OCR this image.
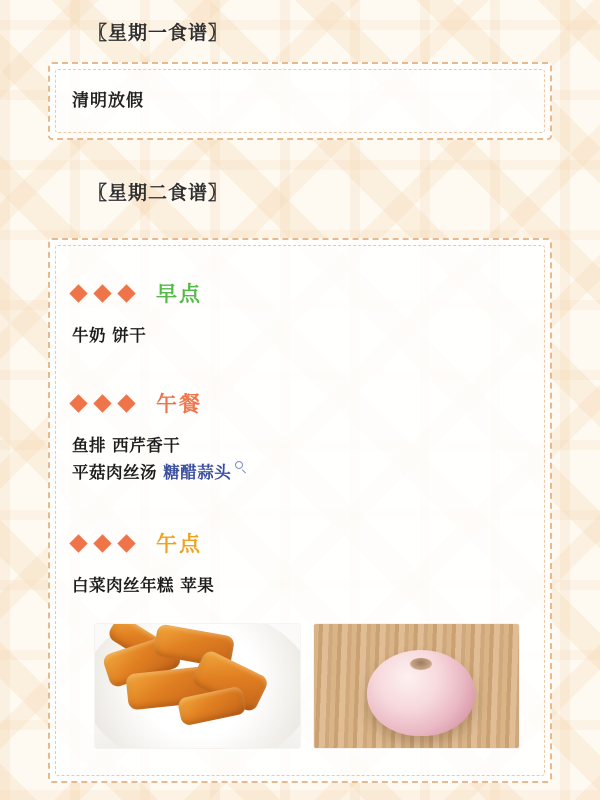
〖星期一食谱〗
清明放假
〖星期二食谱〗
早点
牛奶 饼干
午餐
鱼排 西芹香干
平菇肉丝汤 糖醋蒜头
午点
白菜肉丝年糕 苹果
